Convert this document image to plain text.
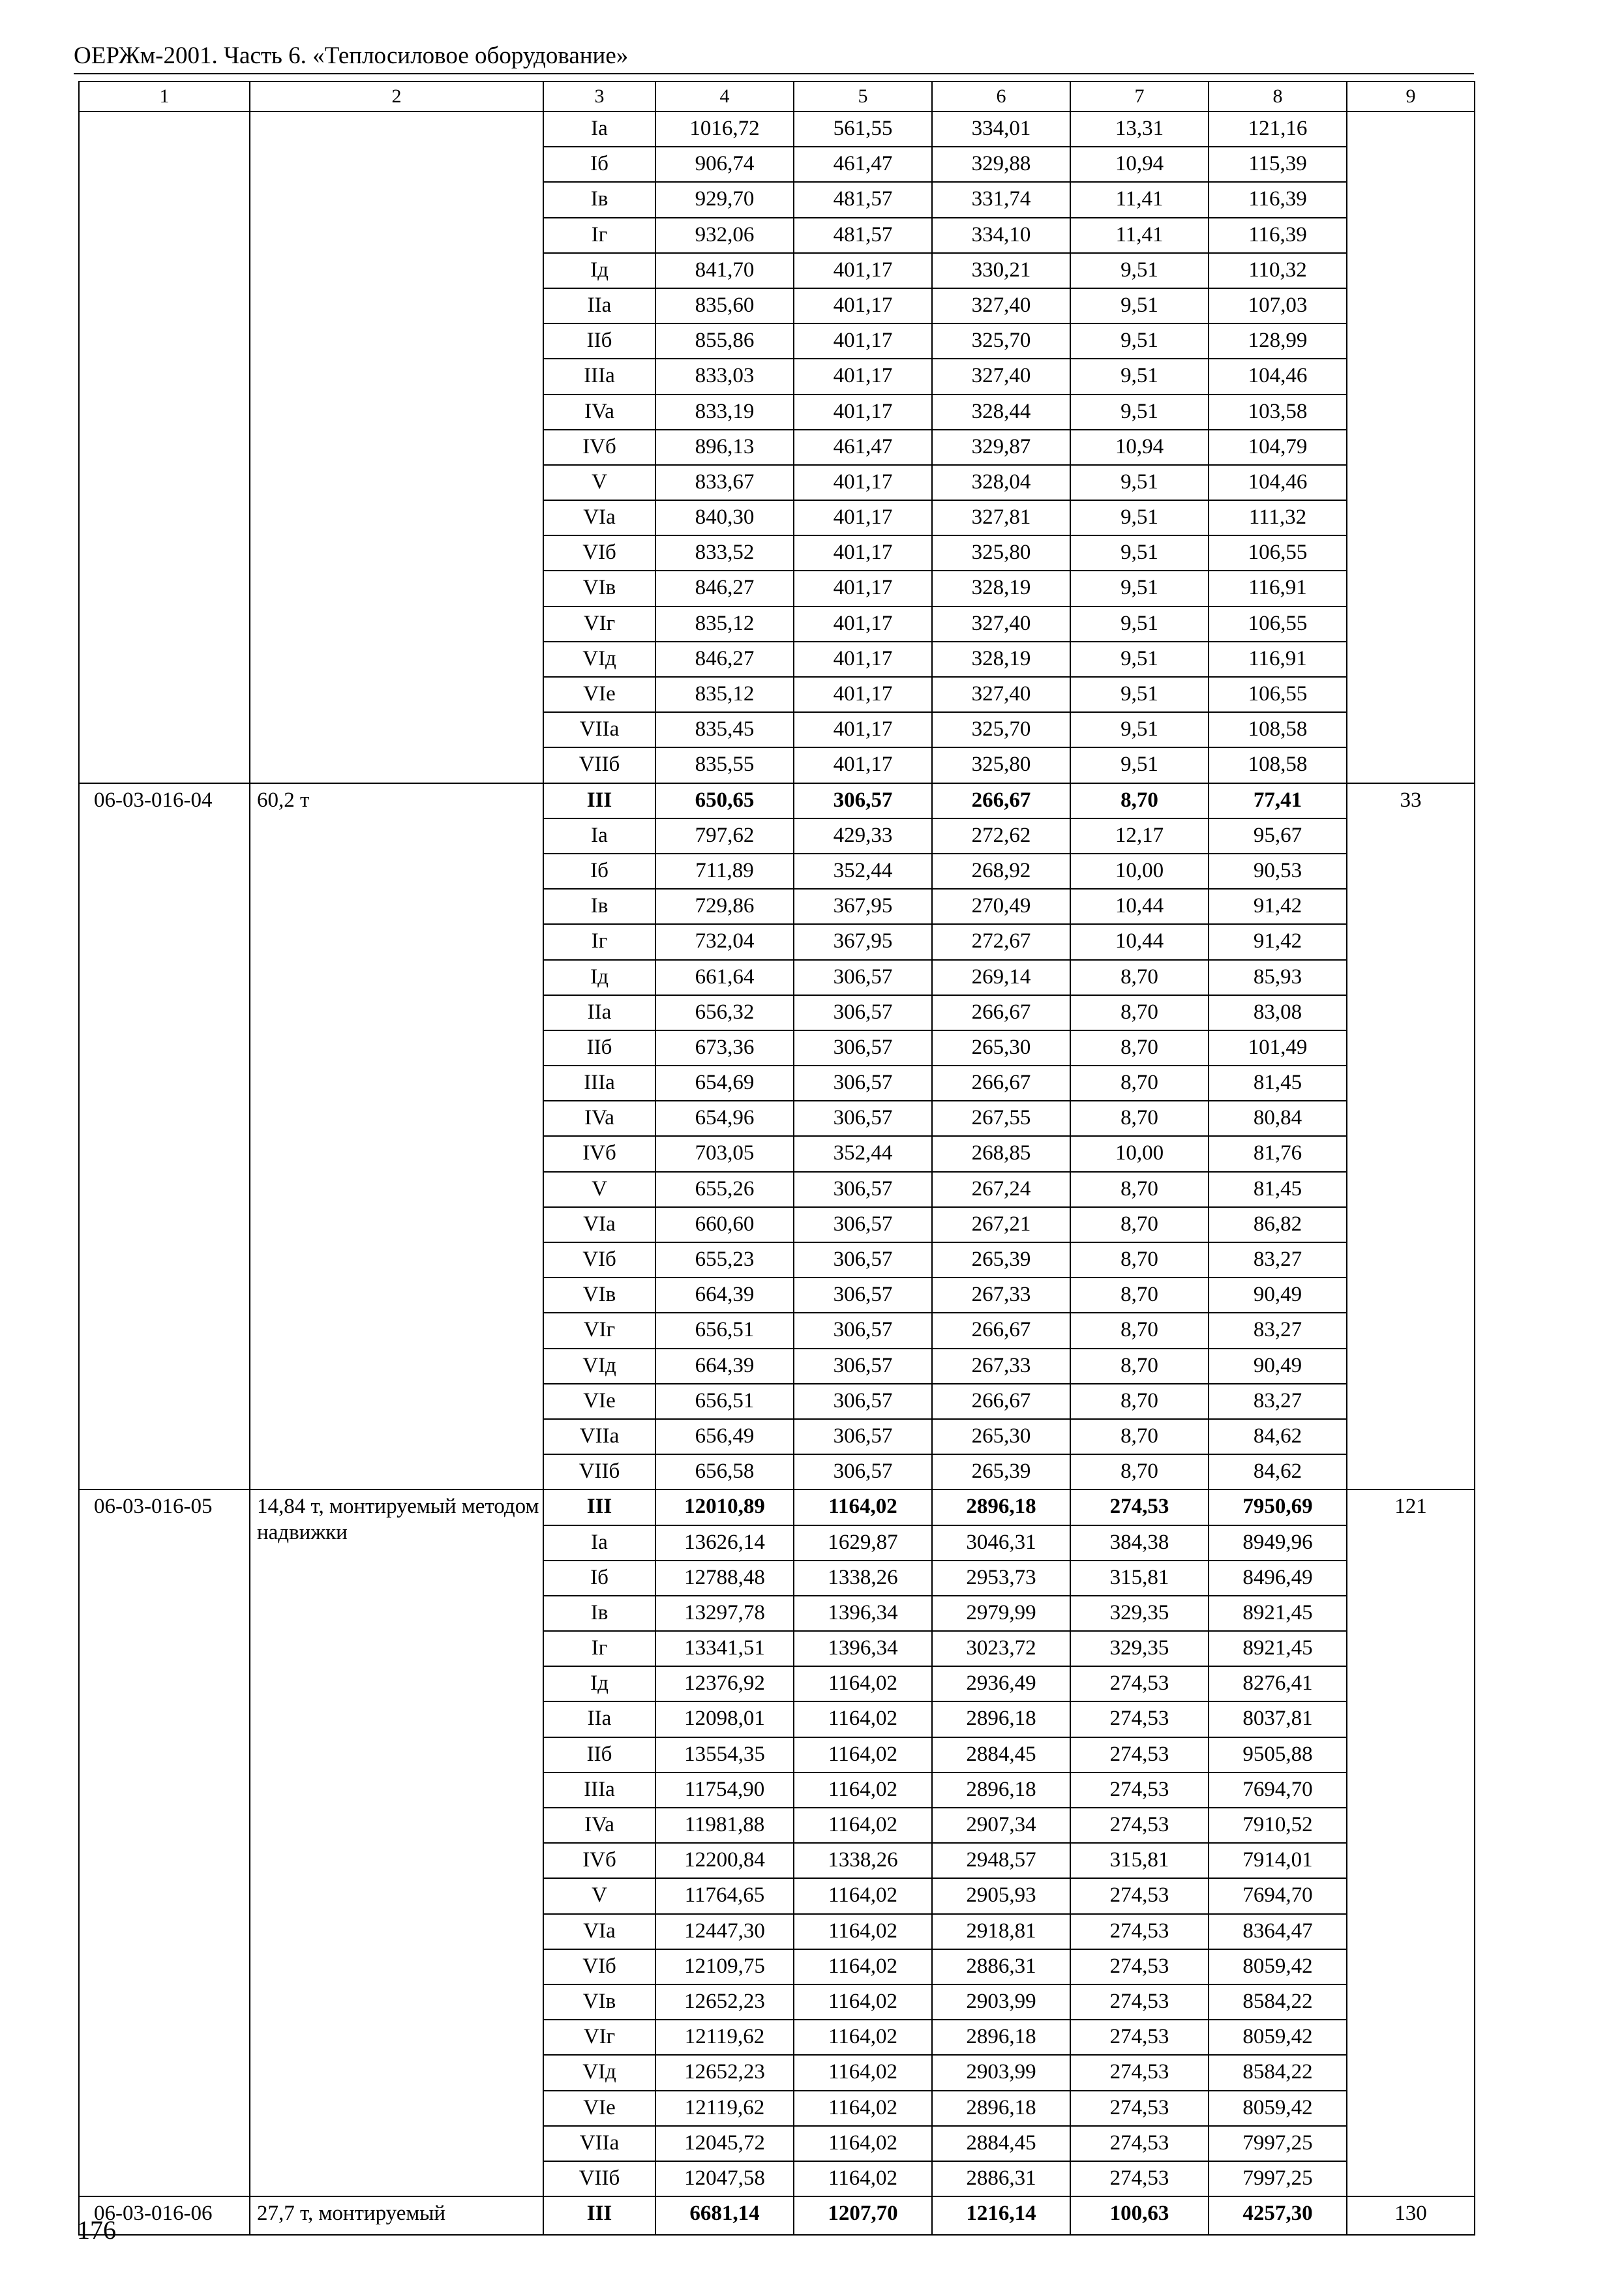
ОЕРЖм-2001. Часть 6. «Теплосиловое оборудование»
1	2	3	4	5	6	7	8	9
		Ia	1016,72	561,55	334,01	13,31	121,16	
		Iб	906,74	461,47	329,88	10,94	115,39	
		Iв	929,70	481,57	331,74	11,41	116,39	
		Iг	932,06	481,57	334,10	11,41	116,39	
		Iд	841,70	401,17	330,21	9,51	110,32	
		IIa	835,60	401,17	327,40	9,51	107,03	
		IIб	855,86	401,17	325,70	9,51	128,99	
		IIIa	833,03	401,17	327,40	9,51	104,46	
		IVa	833,19	401,17	328,44	9,51	103,58	
		IVб	896,13	461,47	329,87	10,94	104,79	
		V	833,67	401,17	328,04	9,51	104,46	
		VIa	840,30	401,17	327,81	9,51	111,32	
		VIб	833,52	401,17	325,80	9,51	106,55	
		VIв	846,27	401,17	328,19	9,51	116,91	
		VIг	835,12	401,17	327,40	9,51	106,55	
		VIд	846,27	401,17	328,19	9,51	116,91	
		VIe	835,12	401,17	327,40	9,51	106,55	
		VIIa	835,45	401,17	325,70	9,51	108,58	
		VIIб	835,55	401,17	325,80	9,51	108,58	
06-03-016-04	60,2 т	III	650,65	306,57	266,67	8,70	77,41	33
		Ia	797,62	429,33	272,62	12,17	95,67	
		Iб	711,89	352,44	268,92	10,00	90,53	
		Iв	729,86	367,95	270,49	10,44	91,42	
		Iг	732,04	367,95	272,67	10,44	91,42	
		Iд	661,64	306,57	269,14	8,70	85,93	
		IIa	656,32	306,57	266,67	8,70	83,08	
		IIб	673,36	306,57	265,30	8,70	101,49	
		IIIa	654,69	306,57	266,67	8,70	81,45	
		IVa	654,96	306,57	267,55	8,70	80,84	
		IVб	703,05	352,44	268,85	10,00	81,76	
		V	655,26	306,57	267,24	8,70	81,45	
		VIa	660,60	306,57	267,21	8,70	86,82	
		VIб	655,23	306,57	265,39	8,70	83,27	
		VIв	664,39	306,57	267,33	8,70	90,49	
		VIг	656,51	306,57	266,67	8,70	83,27	
		VIд	664,39	306,57	267,33	8,70	90,49	
		VIe	656,51	306,57	266,67	8,70	83,27	
		VIIa	656,49	306,57	265,30	8,70	84,62	
		VIIб	656,58	306,57	265,39	8,70	84,62	
06-03-016-05	14,84 т, монтируемый методом надвижки	III	12010,89	1164,02	2896,18	274,53	7950,69	121
		Ia	13626,14	1629,87	3046,31	384,38	8949,96	
		Iб	12788,48	1338,26	2953,73	315,81	8496,49	
		Iв	13297,78	1396,34	2979,99	329,35	8921,45	
		Iг	13341,51	1396,34	3023,72	329,35	8921,45	
		Iд	12376,92	1164,02	2936,49	274,53	8276,41	
		IIa	12098,01	1164,02	2896,18	274,53	8037,81	
		IIб	13554,35	1164,02	2884,45	274,53	9505,88	
		IIIa	11754,90	1164,02	2896,18	274,53	7694,70	
		IVa	11981,88	1164,02	2907,34	274,53	7910,52	
		IVб	12200,84	1338,26	2948,57	315,81	7914,01	
		V	11764,65	1164,02	2905,93	274,53	7694,70	
		VIa	12447,30	1164,02	2918,81	274,53	8364,47	
		VIб	12109,75	1164,02	2886,31	274,53	8059,42	
		VIв	12652,23	1164,02	2903,99	274,53	8584,22	
		VIг	12119,62	1164,02	2896,18	274,53	8059,42	
		VIд	12652,23	1164,02	2903,99	274,53	8584,22	
		VIe	12119,62	1164,02	2896,18	274,53	8059,42	
		VIIa	12045,72	1164,02	2884,45	274,53	7997,25	
		VIIб	12047,58	1164,02	2886,31	274,53	7997,25	
06-03-016-06	27,7 т, монтируемый	III	6681,14	1207,70	1216,14	100,63	4257,30	130
176
